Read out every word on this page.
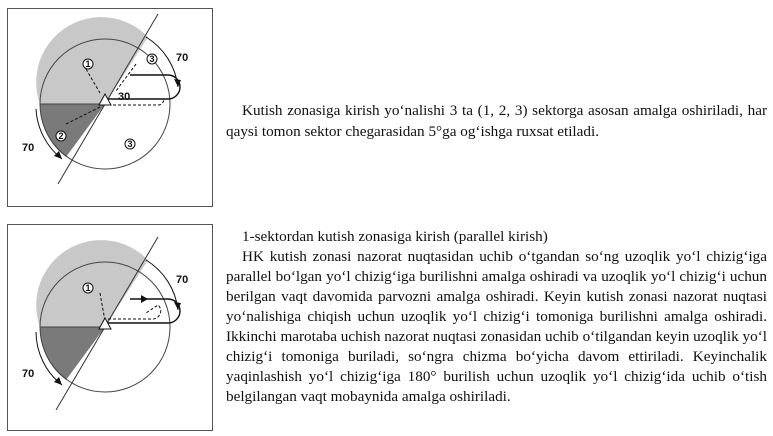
1
2
3
3
70
70
30

Kutish zonasiga kirish yo‘nalishi 3 ta (1, 2, 3) sektorga asosan amalga oshiriladi, har qaysi tomon sektor chegarasidan 5°ga og‘ishga ruxsat etiladi.

1
70
70
1-sektordan kutish zonasiga kirish (parallel kirish)
HK kutish zonasi nazorat nuqtasidan uchib o‘tgandan so‘ng uzoqlik yo‘l chizig‘iga parallel bo‘lgan yo‘l chizig‘iga burilishni amalga oshiradi va uzoqlik yo‘l chizig‘i uchun berilgan vaqt davomida parvozni amalga oshiradi. Keyin kutish zonasi nazorat nuqtasi yo‘nalishiga chiqish uchun uzoqlik yo‘l chizig‘i tomoniga burilishni amalga oshiradi. Ikkinchi marotaba uchish nazorat nuqtasi zonasidan uchib o‘tilgandan keyin uzoqlik yo‘l chizig‘i tomoniga buriladi, so‘ngra chizma bo‘yicha davom ettiriladi. Keyinchalik yaqinlashish yo‘l chizig‘iga 180° burilish uchun uzoqlik yo‘l chizig‘ida uchib o‘tish belgilangan vaqt mobaynida amalga oshiriladi.
